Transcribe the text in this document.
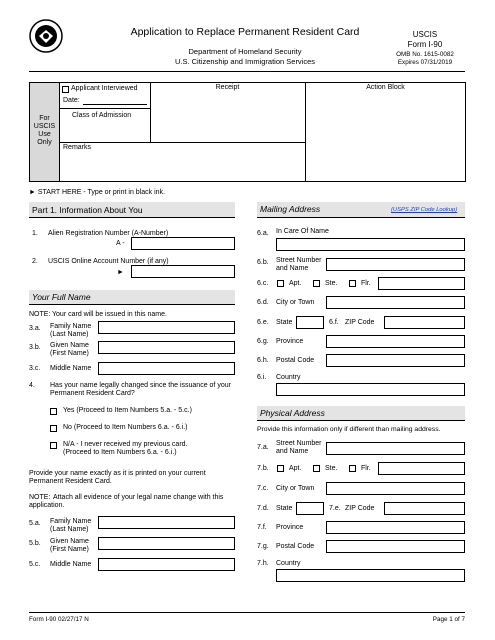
Application to Replace Permanent Resident Card
Department of Homeland Security
U.S. Citizenship and Immigration Services
USCIS
Form I-90
OMB No. 1615-0082
Expires 07/31/2019
For USCIS Use Only
Applicant Interviewed
Date:
Class of Admission
Receipt	Action Block
Remarks
► START HERE - Type or print in black ink.
Part 1. Information About You
1. Alien Registration Number (A-Number)
A -
2. USCIS Online Account Number (if any)
►
Your Full Name
NOTE: Your card will be issued in this name.
3.a. Family Name (Last Name)
3.b. Given Name (First Name)
3.c. Middle Name
4. Has your name legally changed since the issuance of your Permanent Resident Card?
Yes (Proceed to Item Numbers 5.a. - 5.c.)
No (Proceed to Item Numbers 6.a. - 6.i.)
N/A - I never received my previous card. (Proceed to Item Numbers 6.a. - 6.i.)
Provide your name exactly as it is printed on your current Permanent Resident Card.
NOTE: Attach all evidence of your legal name change with this application.
5.a. Family Name (Last Name)
5.b. Given Name (First Name)
5.c. Middle Name
Mailing Address	(USPS ZIP Code Lookup)
6.a. In Care Of Name
6.b. Street Number and Name
6.c.	Apt.	Ste.	Flr.
6.d. City or Town
6.e. State	6.f. ZIP Code
6.g. Province
6.h. Postal Code
6.i. Country
Physical Address
Provide this information only if different than mailing address.
7.a.
Street Number and Name
7.b.	Apt.	Ste.	Flr.
7.c. City or Town
7.d. State	7.e. ZIP Code
7.f. Province
7.g. Postal Code
7.h. Country
Form I-90 02/27/17 N	Page 1 of 7
